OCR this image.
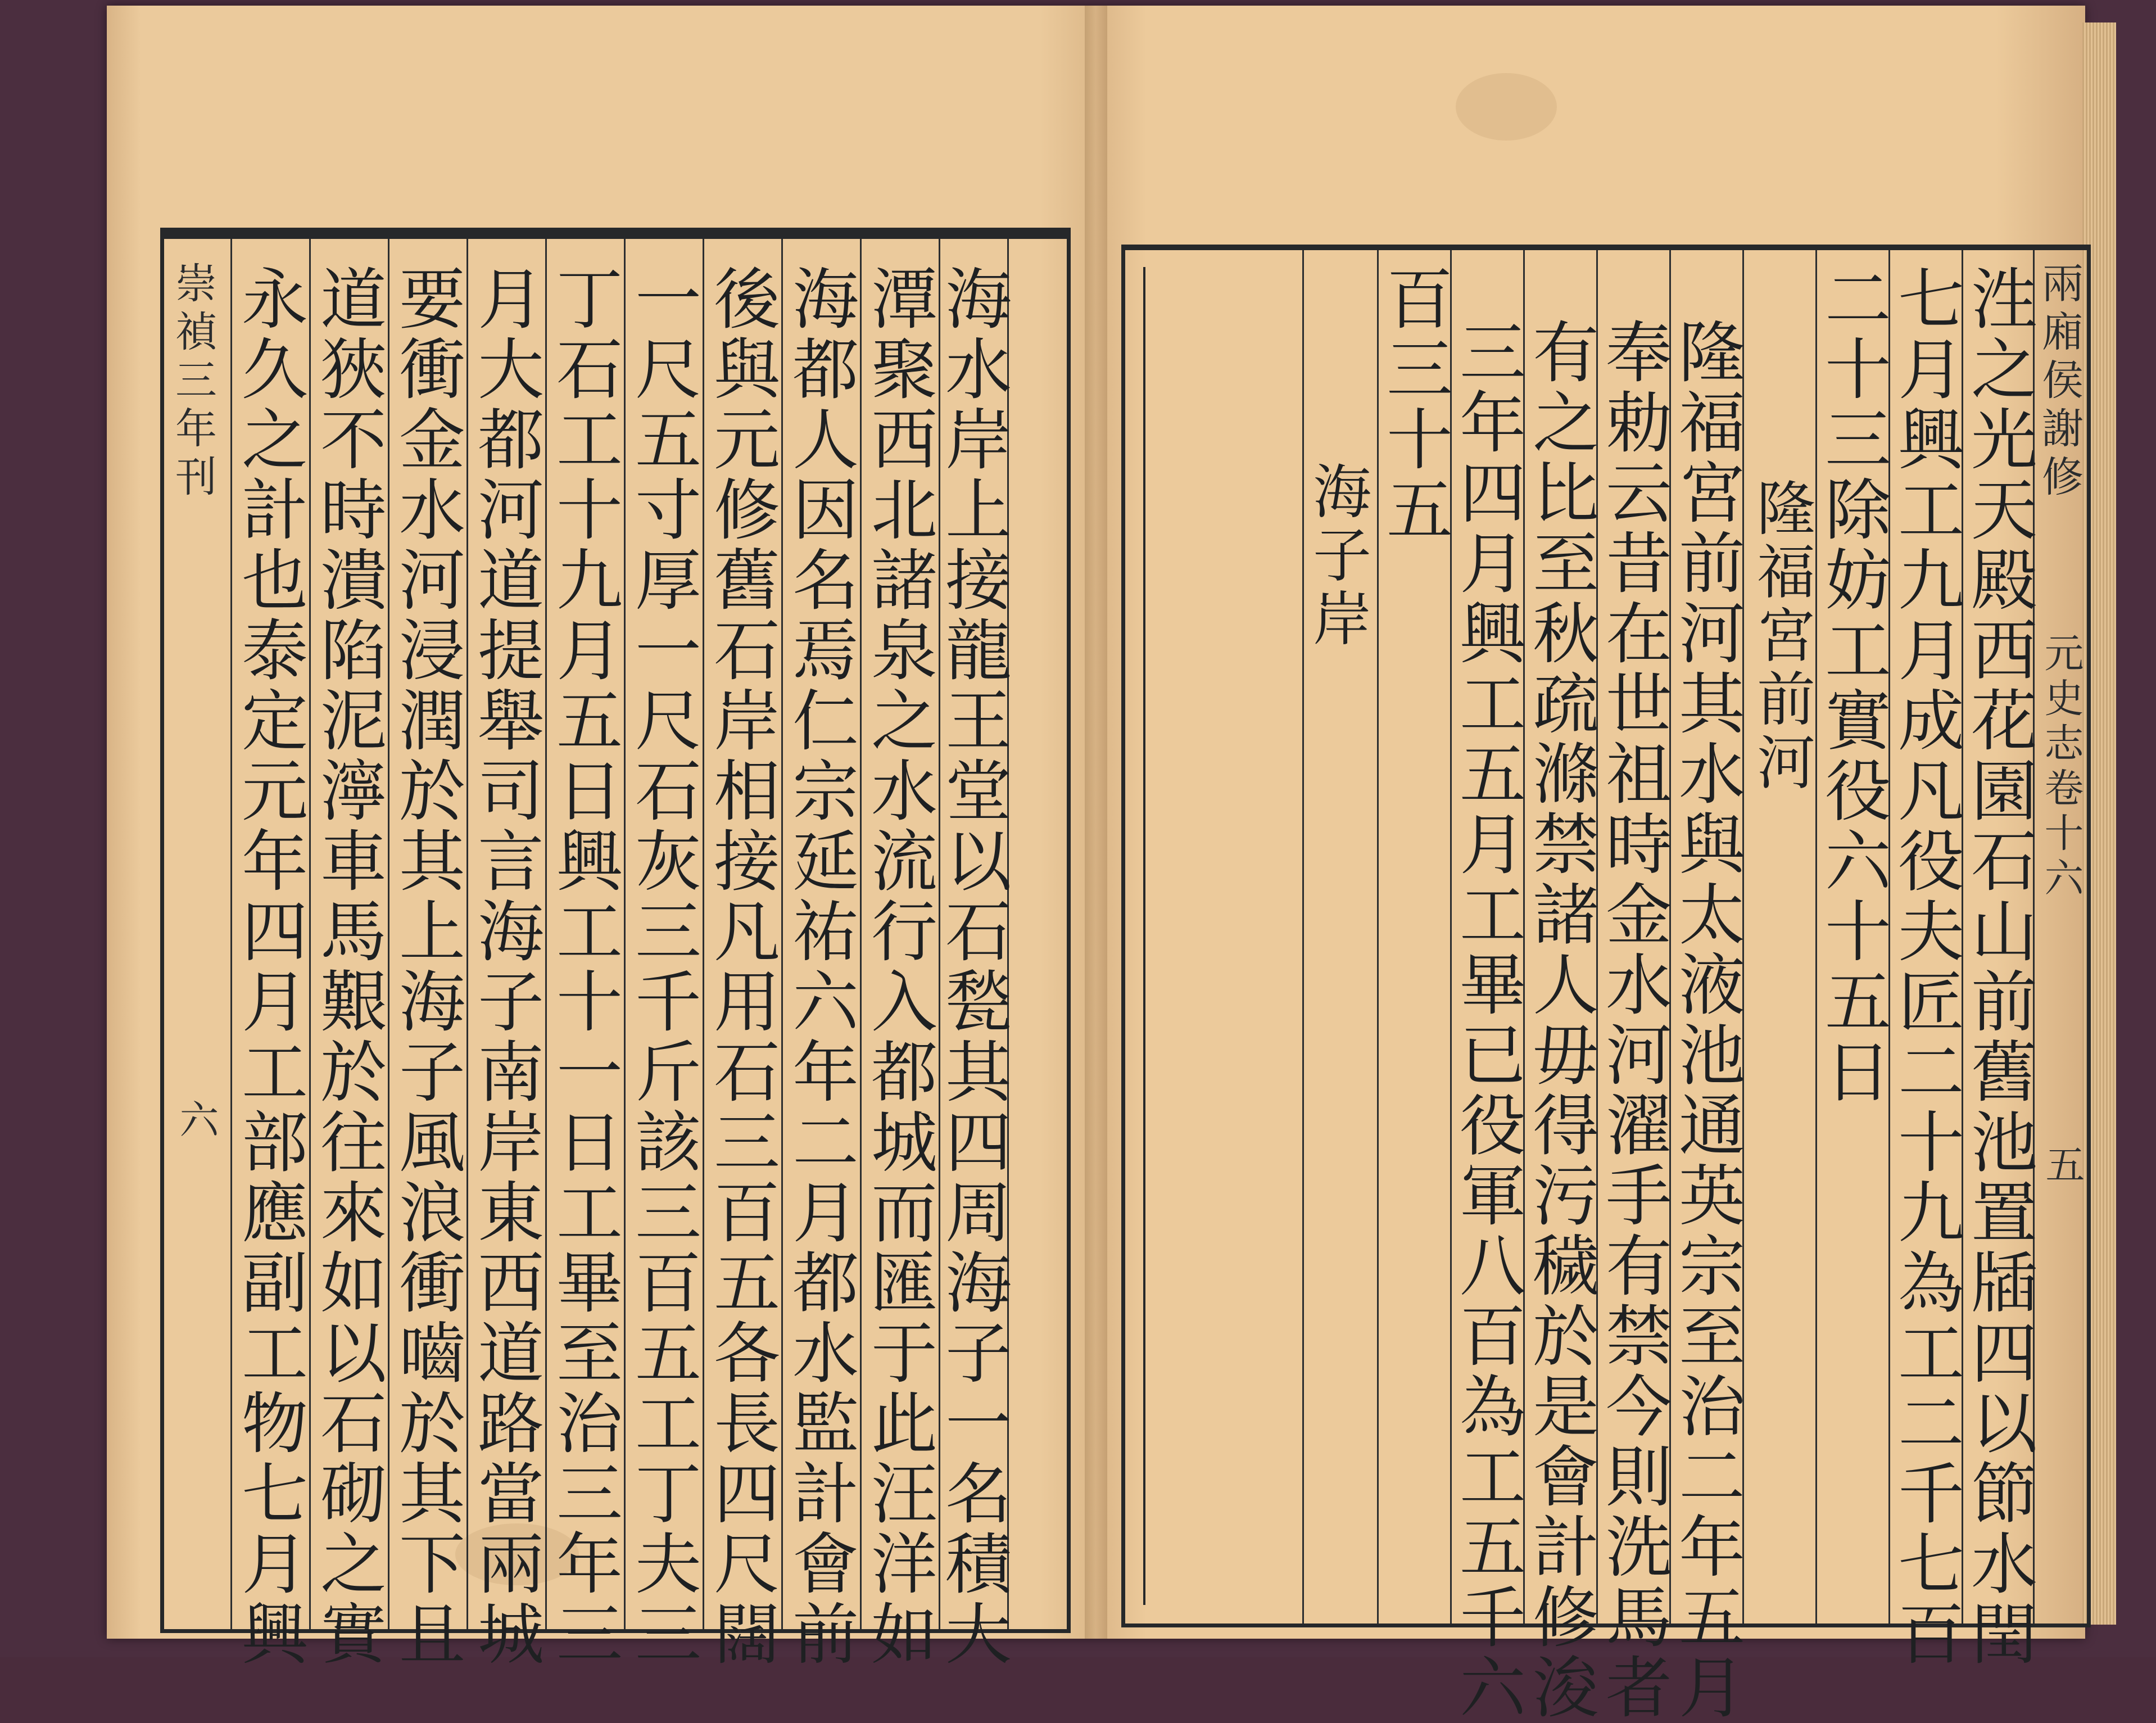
崇禎三年刊
六	海水岸上接龍王堂以石甃其四周海子一名積大
潭聚西北諸泉之水流行入都城而匯于此汪洋如
海都人因名焉仁宗延祐六年二月都水監計會前
後與元修舊石岸相接凡用石三百五各長四尺闊
一尺五寸厚一尺石灰三千斤該三百五工丁夫三
丁石工十九月五日興工十一日工畢至治三年三
月大都河道提舉司言海子南岸東西道路當兩城
要衝金水河浸潤於其上海子風浪衝嚙於其下且
道狹不時潰陷泥濘車馬艱於往來如以石砌之實
永久之計也泰定元年四月工部應副工物七月興	兩廂侯謝修
元史志卷十六
五
泩之光天殿西花園石山前舊池置牐四以節水閏
七月興工九月成凡役夫匠二十九為工二千七百
二十三除妨工實役六十五日
隆福宮前河
隆福宮前河其水與太液池通英宗至治二年五月
奉勅云昔在世祖時金水河濯手有禁今則洗馬者
有之比至秋疏滌禁諸人毋得污穢於是會計修浚
三年四月興工五月工畢已役軍八百為工五千六
百三十五
海子岸
